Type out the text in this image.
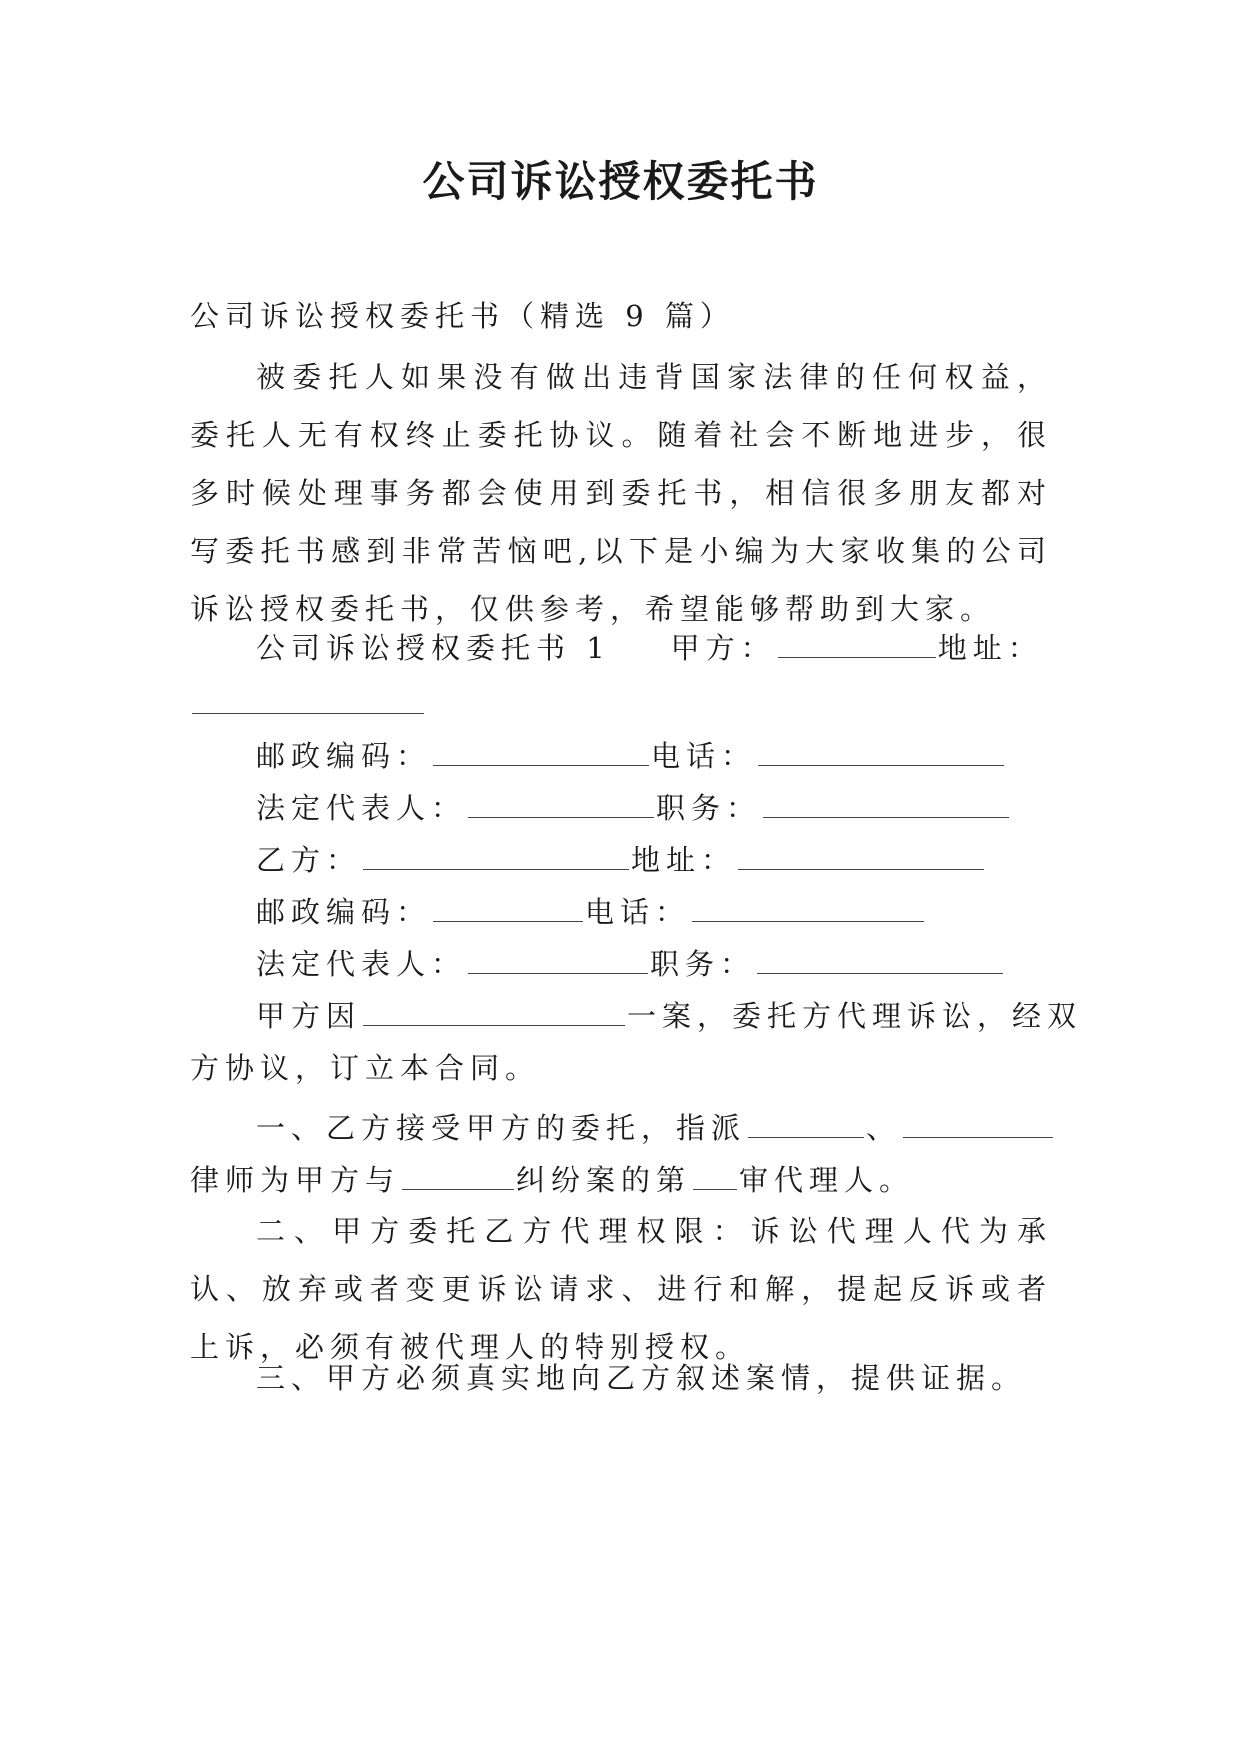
公司诉讼授权委托书
公司诉讼授权委托书（精选 9 篇）

被委托人如果没有做出违背国家法律的任何权益，委托人无有权终止委托协议。随着社会不断地进步，很多时候处理事务都会使用到委托书，相信很多朋友都对写委托书感到非常苦恼吧,以下是小编为大家收集的公司诉讼授权委托书，仅供参考，希望能够帮助到大家。

公司诉讼授权委托书 1 甲方：	地址：
邮政编码：	电话：
法定代表人：	职务：
乙方：	地址：
邮政编码：	电话：
法定代表人：	职务：
甲方因	一案，委托方代理诉讼，经双
方协议，订立本合同。
一、乙方接受甲方的委托，指派	、
律师为甲方与	纠纷案的第 审代理人。

二、甲方委托乙方代理权限：诉讼代理人代为承认、放弃或者变更诉讼请求、进行和解，提起反诉或者上诉，必须有被代理人的特别授权。

三、甲方必须真实地向乙方叙述案情，提供证据。
